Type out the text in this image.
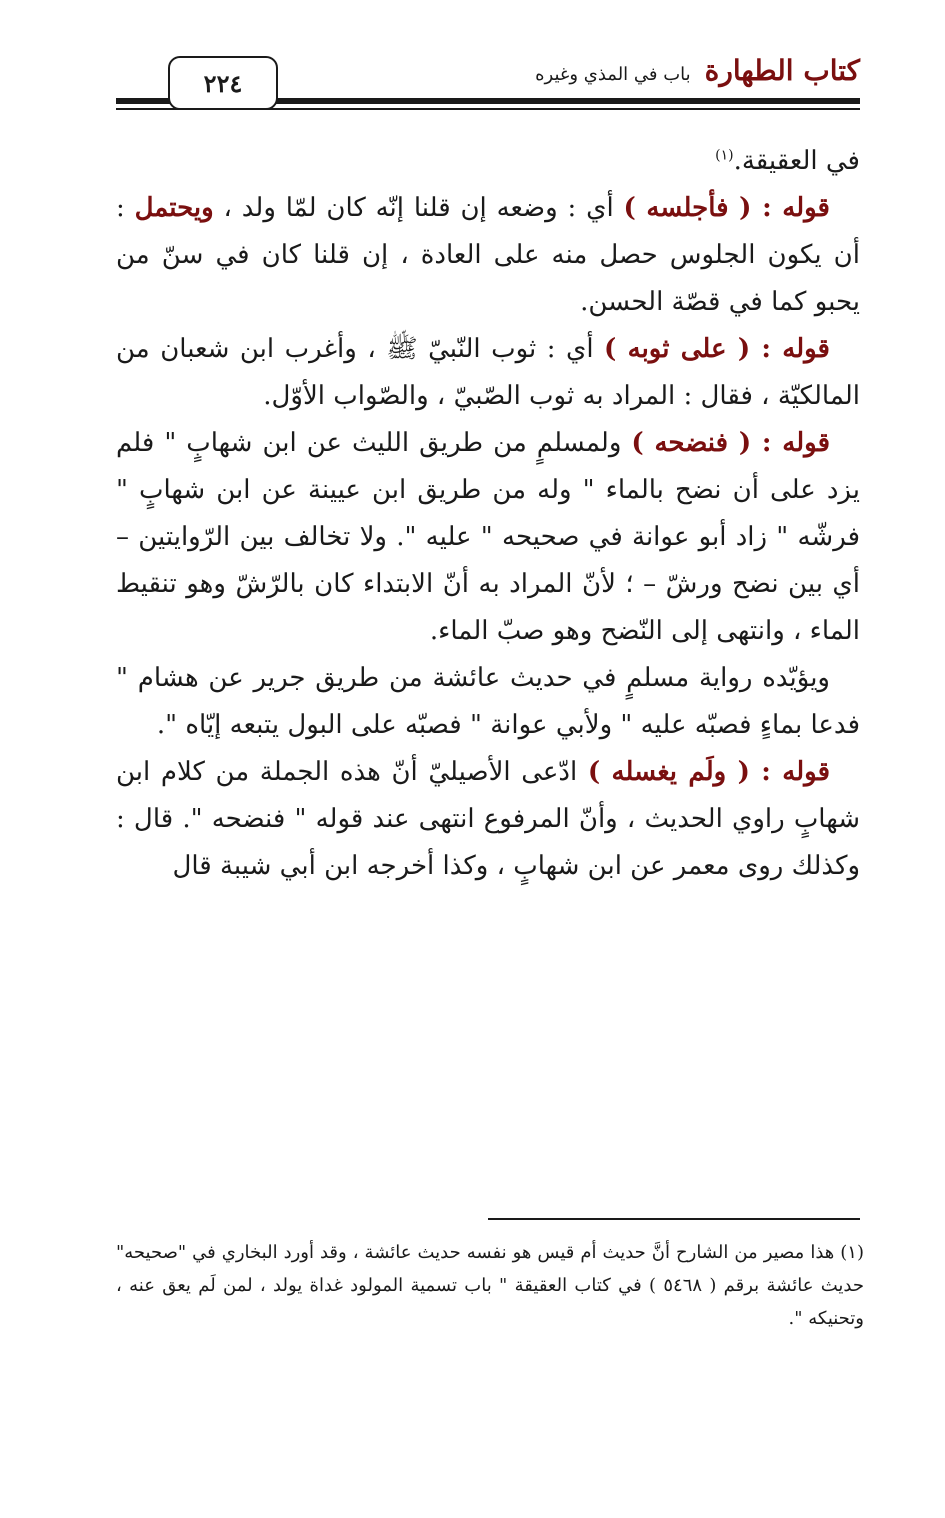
كتاب الطهارة
باب في المذي وغيره
٢٢٤

في العقيقة.$^{(١)}$

قوله : ( فأجلسه ) أي : وضعه إن قلنا إنّه كان لمّا ولد ، ويحتمل : أن يكون الجلوس حصل منه على العادة ، إن قلنا كان في سنّ من يحبو كما في قصّة الحسن.

قوله : ( على ثوبه ) أي : ثوب النّبيّ ﷺ ، وأغرب ابن شعبان من المالكيّة ، فقال : المراد به ثوب الصّبيّ ، والصّواب الأوّل.

قوله : ( فنضحه ) ولمسلمٍ من طريق الليث عن ابن شهابٍ " فلم يزد على أن نضح بالماء " وله من طريق ابن عيينة عن ابن شهابٍ " فرشّه " زاد أبو عوانة في صحيحه " عليه ". ولا تخالف بين الرّوايتين – أي بين نضح ورشّ – ؛ لأنّ المراد به أنّ الابتداء كان بالرّشّ وهو تنقيط الماء ، وانتهى إلى النّضح وهو صبّ الماء.

ويؤيّده رواية مسلمٍ في حديث عائشة من طريق جرير عن هشام " فدعا بماءٍ فصبّه عليه " ولأبي عوانة " فصبّه على البول يتبعه إيّاه ".

قوله : ( ولَم يغسله ) ادّعى الأصيليّ أنّ هذه الجملة من كلام ابن شهابٍ راوي الحديث ، وأنّ المرفوع انتهى عند قوله " فنضحه ". قال : وكذلك روى معمر عن ابن شهابٍ ، وكذا أخرجه ابن أبي شيبة قال

(١) هذا مصير من الشارح أنَّ حديث أم قيس هو نفسه حديث عائشة ، وقد أورد البخاري في "صحيحه" حديث عائشة برقم ( ٥٤٦٨ ) في كتاب العقيقة " باب تسمية المولود غداة يولد ، لمن لَم يعق عنه ، وتحنيكه ".
